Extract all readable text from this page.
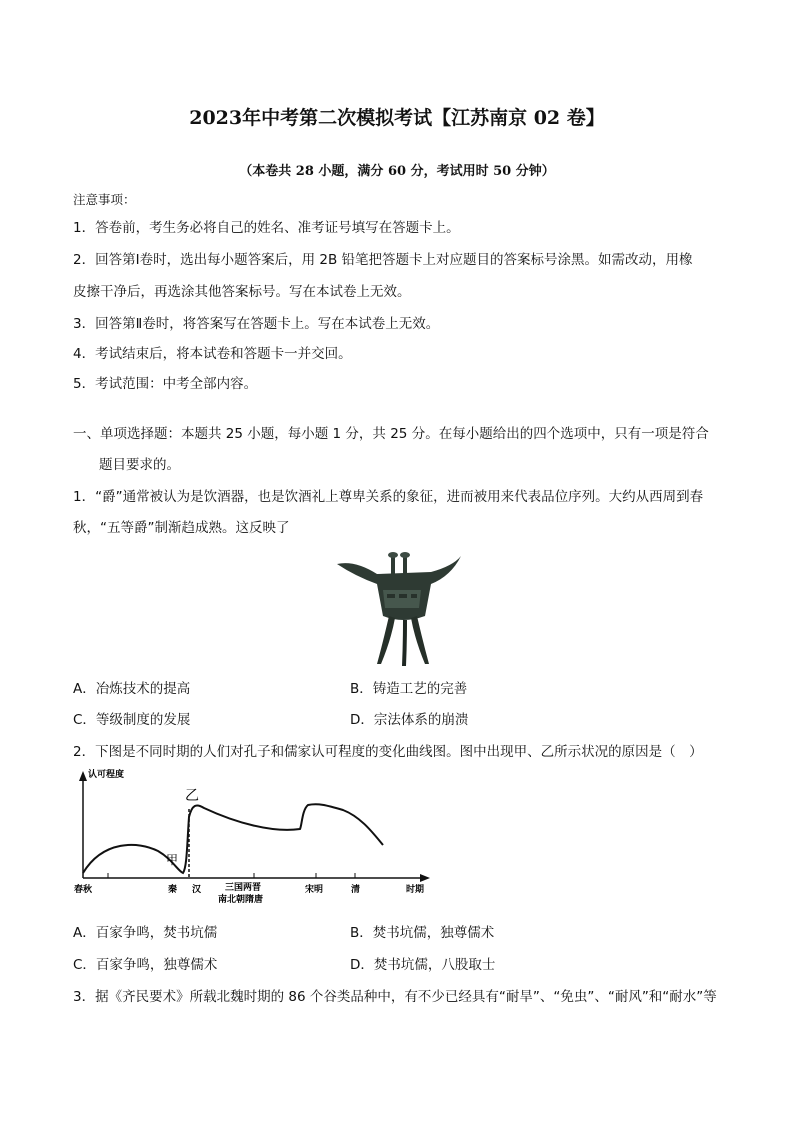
2023年中考第二次模拟考试【江苏南京 02 卷】
（本卷共 28 小题，满分 60 分，考试用时 50 分钟）
注意事项：
1．答卷前，考生务必将自己的姓名、准考证号填写在答题卡上。
2．回答第Ⅰ卷时，选出每小题答案后，用 2B 铅笔把答题卡上对应题目的答案标号涂黑。如需改动，用橡
皮擦干净后，再选涂其他答案标号。写在本试卷上无效。
3．回答第Ⅱ卷时，将答案写在答题卡上。写在本试卷上无效。
4．考试结束后，将本试卷和答题卡一并交回。
5．考试范围：中考全部内容。
一、单项选择题：本题共 25 小题，每小题 1 分，共 25 分。在每小题给出的四个选项中，只有一项是符合
题目要求的。
1．“爵”通常被认为是饮酒器，也是饮酒礼上尊卑关系的象征，进而被用来代表品位序列。大约从西周到春
秋，“五等爵”制渐趋成熟。这反映了
A．冶炼技术的提高	B．铸造工艺的完善
C．等级制度的发展	D．宗法体系的崩溃
2．下图是不同时期的人们对孔子和儒家认可程度的变化曲线图。图中出现甲、乙所示状况的原因是（　）
认可程度
时期
乙
甲
春秋	秦 汉	三国两晋
南北朝隋唐
宋明	清
A．百家争鸣，焚书坑儒	B．焚书坑儒，独尊儒术
C．百家争鸣，独尊儒术	D．焚书坑儒，八股取士
3．据《齐民要术》所载北魏时期的 86 个谷类品种中，有不少已经具有“耐旱”、“免虫”、“耐风”和“耐水”等
